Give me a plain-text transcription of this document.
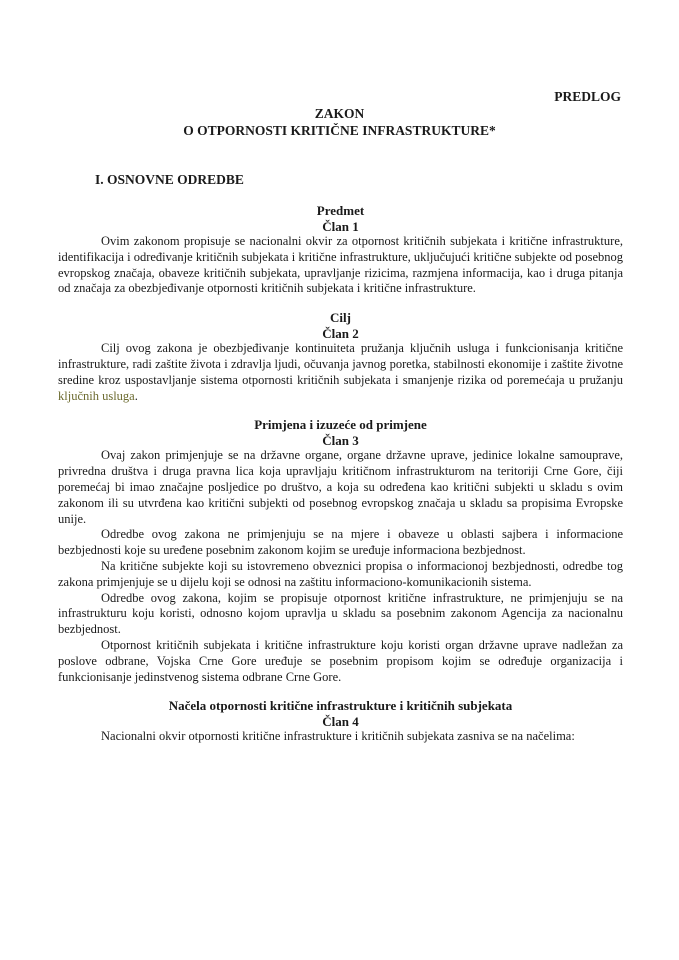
PREDLOG
ZAKON
O OTPORNOSTI KRITIČNE INFRASTRUKTURE*
I. OSNOVNE ODREDBE
Predmet
Član 1

Ovim zakonom propisuje se nacionalni okvir za otpornost kritičnih subjekata i kritične infrastrukture, identifikacija i određivanje kritičnih subjekata i kritične infrastrukture, uključujući kritične subjekte od posebnog evropskog značaja, obaveze kritičnih subjekata, upravljanje rizicima, razmjena informacija, kao i druga pitanja od značaja za obezbjeđivanje otpornosti kritičnih subjekata i kritične infrastrukture.

Cilj
Član 2

Cilj ovog zakona je obezbjeđivanje kontinuiteta pružanja ključnih usluga i funkcionisanja kritične infrastrukture, radi zaštite života i zdravlja ljudi, očuvanja javnog poretka, stabilnosti ekonomije i zaštite životne sredine kroz uspostavljanje sistema otpornosti kritičnih subjekata i smanjenje rizika od poremećaja u pružanju ključnih usluga.

Primjena i izuzeće od primjene
Član 3

Ovaj zakon primjenjuje se na državne organe, organe državne uprave, jedinice lokalne samouprave, privredna društva i druga pravna lica koja upravljaju kritičnom infrastrukturom na teritoriji Crne Gore, čiji poremećaj bi imao značajne posljedice po društvo, a koja su određena kao kritični subjekti u skladu s ovim zakonom ili su utvrđena kao kritični subjekti od posebnog evropskog značaja u skladu sa propisima Evropske unije.

Odredbe ovog zakona ne primjenjuju se na mjere i obaveze u oblasti sajbera i informacione bezbjednosti koje su uređene posebnim zakonom kojim se uređuje informaciona bezbjednost.

Na kritične subjekte koji su istovremeno obveznici propisa o informacionoj bezbjednosti, odredbe tog zakona primjenjuje se u dijelu koji se odnosi na zaštitu informaciono-komunikacionih sistema.

Odredbe ovog zakona, kojim se propisuje otpornost kritične infrastrukture, ne primjenjuju se na infrastrukturu koju koristi, odnosno kojom upravlja u skladu sa posebnim zakonom Agencija za nacionalnu bezbjednost.

Otpornost kritičnih subjekata i kritične infrastrukture koju koristi organ državne uprave nadležan za poslove odbrane, Vojska Crne Gore uređuje se posebnim propisom kojim se određuje organizacija i funkcionisanje jedinstvenog sistema odbrane Crne Gore.

Načela otpornosti kritične infrastrukture i kritičnih subjekata
Član 4

Nacionalni okvir otpornosti kritične infrastrukture i kritičnih subjekata zasniva se na načelima:
